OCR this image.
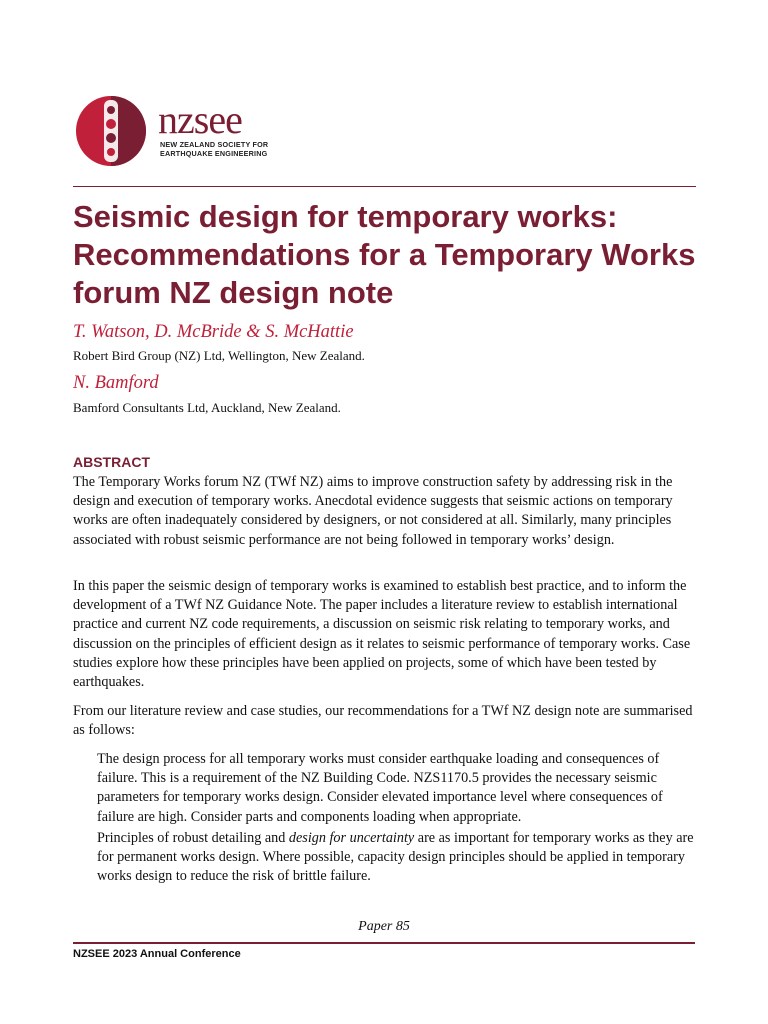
nzsee
NEW ZEALAND SOCIETY FOR
EARTHQUAKE ENGINEERING
Seismic design for temporary works: Recommendations for a Temporary Works forum NZ design note

T. Watson, D. McBride & S. McHattie

Robert Bird Group (NZ) Ltd, Wellington, New Zealand.

N. Bamford

Bamford Consultants Ltd, Auckland, New Zealand.

ABSTRACT

The Temporary Works forum NZ (TWf NZ) aims to improve construction safety by addressing risk in the design and execution of temporary works. Anecdotal evidence suggests that seismic actions on temporary works are often inadequately considered by designers, or not considered at all. Similarly, many principles associated with robust seismic performance are not being followed in temporary works’ design.

In this paper the seismic design of temporary works is examined to establish best practice, and to inform the development of a TWf NZ Guidance Note. The paper includes a literature review to establish international practice and current NZ code requirements, a discussion on seismic risk relating to temporary works, and discussion on the principles of efficient design as it relates to seismic performance of temporary works. Case studies explore how these principles have been applied on projects, some of which have been tested by earthquakes.

From our literature review and case studies, our recommendations for a TWf NZ design note are summarised as follows:

The design process for all temporary works must consider earthquake loading and consequences of failure. This is a requirement of the NZ Building Code. NZS1170.5 provides the necessary seismic parameters for temporary works design. Consider elevated importance level where consequences of failure are high. Consider parts and components loading when appropriate.

Principles of robust detailing and design for uncertainty are as important for temporary works as they are for permanent works design. Where possible, capacity design principles should be applied in temporary works design to reduce the risk of brittle failure.

Paper 85

NZSEE 2023 Annual Conference
